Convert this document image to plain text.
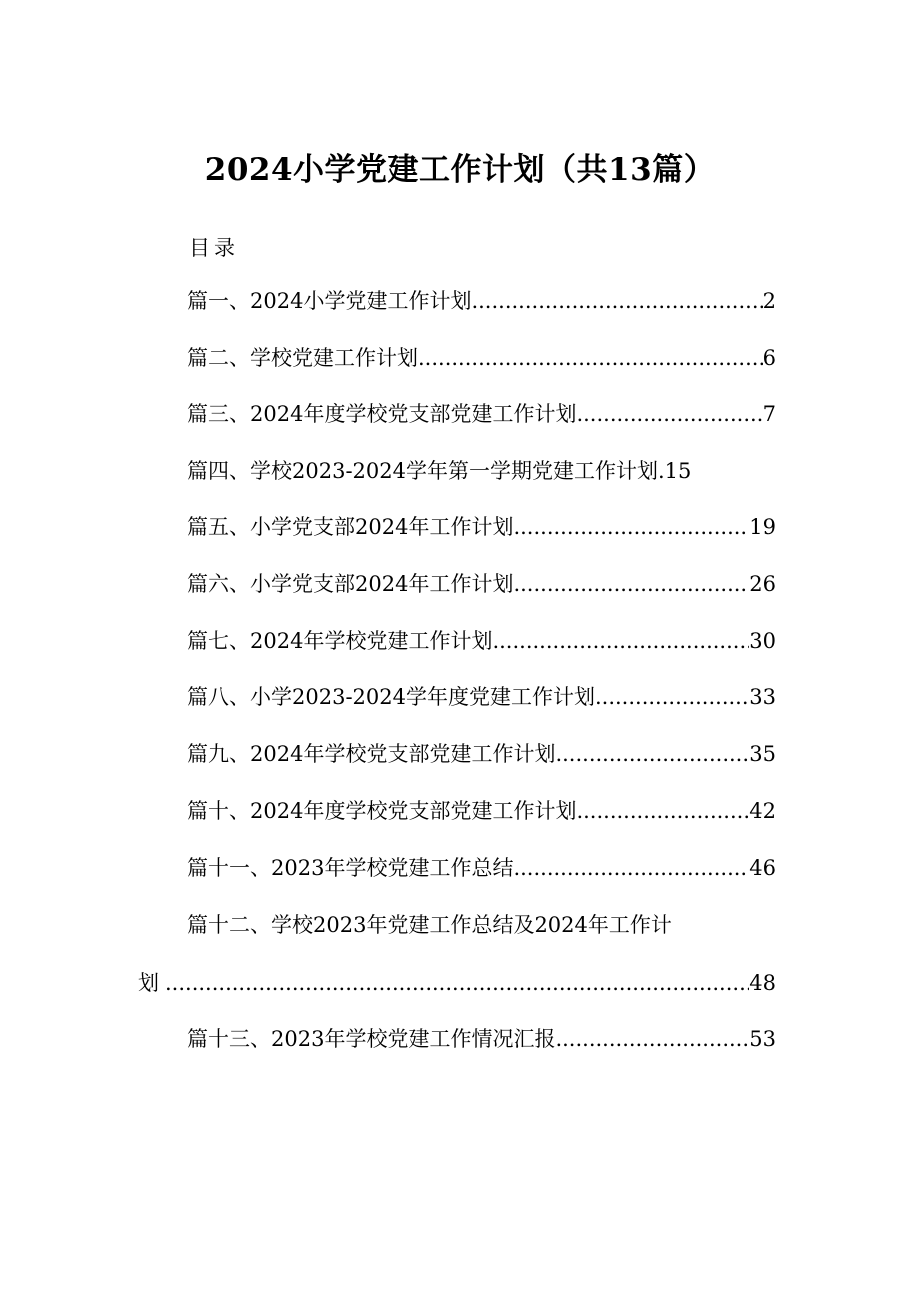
2024小学党建工作计划（共13篇）
目录
篇一、2024小学党建工作计划 .....	2
篇二、学校党建工作计划 .....	6
篇三、2024年度学校党支部党建工作计划 .....	7
篇四、学校2023-2024学年第一学期党建工作计划.15
篇五、小学党支部2024年工作计划 .....	19
篇六、小学党支部2024年工作计划 .....	26
篇七、2024年学校党建工作计划 .....	30
篇八、小学2023-2024学年度党建工作计划 .....	33
篇九、2024年学校党支部党建工作计划 .....	35
篇十、2024年度学校党支部党建工作计划 .....	42
篇十一、2023年学校党建工作总结 .....	46
篇十二、学校2023年党建工作总结及2024年工作计
划 .....	48
篇十三、2023年学校党建工作情况汇报 .....	53
